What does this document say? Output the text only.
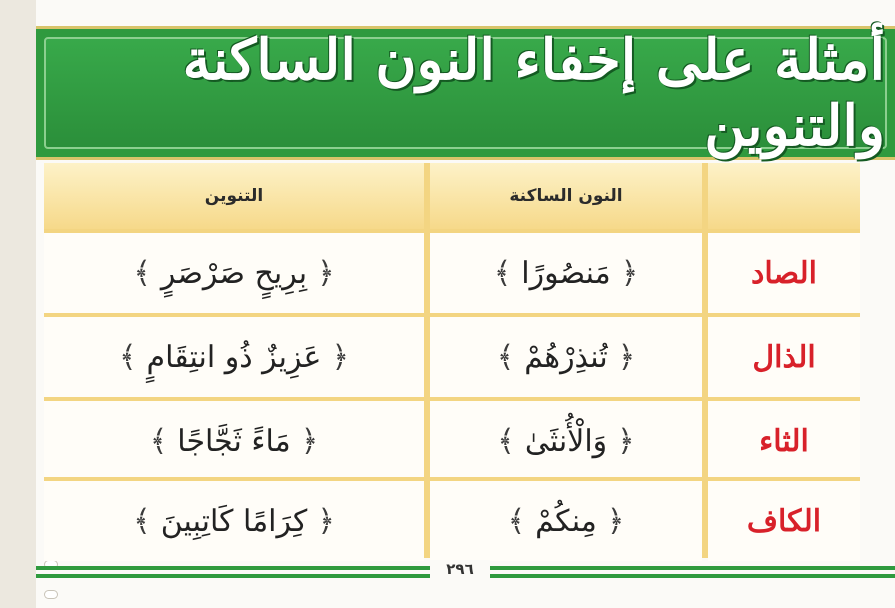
أمثلة على إخفاء النون الساكنة والتنوين
النون الساكنة
التنوين
الصاد
﴿
مَنصُورًا
﴾
﴿
بِرِيحٍ صَرْصَرٍ
﴾
الذال
﴿
تُنذِرْهُمْ
﴾
﴿
عَزِيزٌ ذُو انتِقَامٍ
﴾
الثاء
﴿
وَالْأُنثَىٰ
﴾
﴿
مَاءً ثَجَّاجًا
﴾
الكاف
﴿
مِنكُمْ
﴾
﴿
كِرَامًا كَاتِبِينَ
﴾
٢٩٦
